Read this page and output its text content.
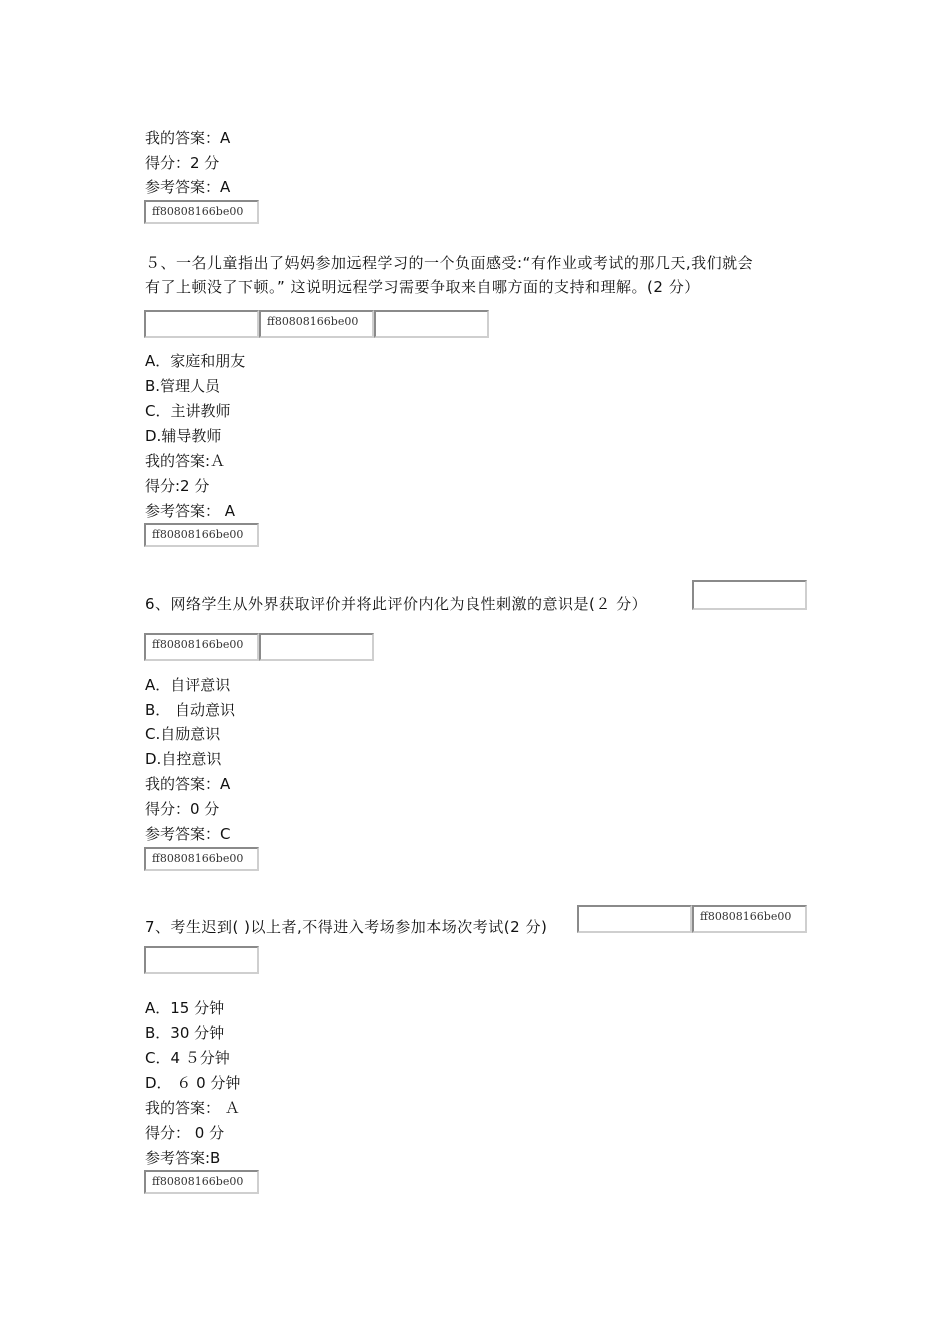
我的答案：A
得分：2 分
参考答案：A
ff80808166be00
５、一名儿童指出了妈妈参加远程学习的一个负面感受:“有作业或考试的那几天,我们就会
有了上顿没了下顿。” 这说明远程学习需要争取来自哪方面的支持和理解。(2 分）
ff80808166be00
A．家庭和朋友
B.管理人员
C．主讲教师
D.辅导教师
我的答案:Ａ
得分:2 分
参考答案： A
ff80808166be00
6、网络学生从外界获取评价并将此评价内化为良性刺激的意识是(２ 分）
ff80808166be00
A．自评意识
B． 自动意识
C.自励意识
D.自控意识
我的答案：A
得分：0 分
参考答案：C
ff80808166be00
7、考生迟到( )以上者,不得进入考场参加本场次考试(2 分)
ff80808166be00
A．15 分钟
B．30 分钟
C．4 ５分钟
D． ６ 0 分钟
我的答案： Ａ
得分： 0 分
参考答案:B
ff80808166be00
